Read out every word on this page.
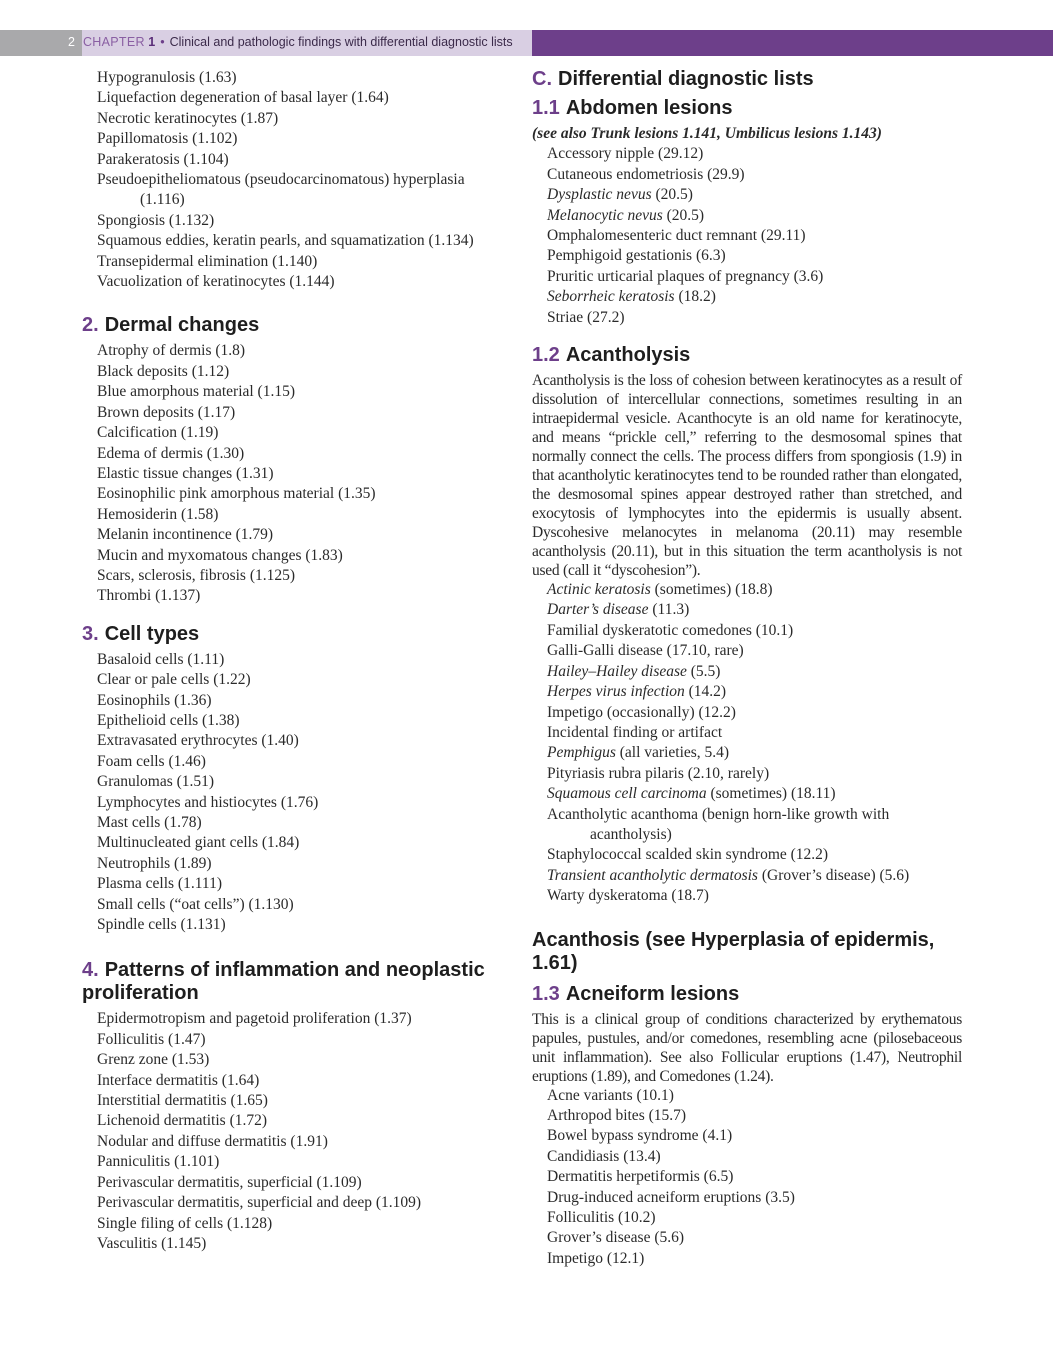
2 CHAPTER 1 • Clinical and pathologic findings with differential diagnostic lists
Hypogranulosis (1.63)
Liquefaction degeneration of basal layer (1.64)
Necrotic keratinocytes (1.87)
Papillomatosis (1.102)
Parakeratosis (1.104)
Pseudoepitheliomatous (pseudocarcinomatous) hyperplasia (1.116)
Spongiosis (1.132)
Squamous eddies, keratin pearls, and squamatization (1.134)
Transepidermal elimination (1.140)
Vacuolization of keratinocytes (1.144)
2. Dermal changes
Atrophy of dermis (1.8)
Black deposits (1.12)
Blue amorphous material (1.15)
Brown deposits (1.17)
Calcification (1.19)
Edema of dermis (1.30)
Elastic tissue changes (1.31)
Eosinophilic pink amorphous material (1.35)
Hemosiderin (1.58)
Melanin incontinence (1.79)
Mucin and myxomatous changes (1.83)
Scars, sclerosis, fibrosis (1.125)
Thrombi (1.137)
3. Cell types
Basaloid cells (1.11)
Clear or pale cells (1.22)
Eosinophils (1.36)
Epithelioid cells (1.38)
Extravasated erythrocytes (1.40)
Foam cells (1.46)
Granulomas (1.51)
Lymphocytes and histiocytes (1.76)
Mast cells (1.78)
Multinucleated giant cells (1.84)
Neutrophils (1.89)
Plasma cells (1.111)
Small cells (“oat cells”) (1.130)
Spindle cells (1.131)
4. Patterns of inflammation and neoplastic proliferation
Epidermotropism and pagetoid proliferation (1.37)
Folliculitis (1.47)
Grenz zone (1.53)
Interface dermatitis (1.64)
Interstitial dermatitis (1.65)
Lichenoid dermatitis (1.72)
Nodular and diffuse dermatitis (1.91)
Panniculitis (1.101)
Perivascular dermatitis, superficial (1.109)
Perivascular dermatitis, superficial and deep (1.109)
Single filing of cells (1.128)
Vasculitis (1.145)
C. Differential diagnostic lists
1.1 Abdomen lesions
(see also Trunk lesions 1.141, Umbilicus lesions 1.143)
Accessory nipple (29.12)
Cutaneous endometriosis (29.9)
Dysplastic nevus (20.5)
Melanocytic nevus (20.5)
Omphalomesenteric duct remnant (29.11)
Pemphigoid gestationis (6.3)
Pruritic urticarial plaques of pregnancy (3.6)
Seborrheic keratosis (18.2)
Striae (27.2)
1.2 Acantholysis

Acantholysis is the loss of cohesion between keratinocytes as a result of dissolution of intercellular connections, sometimes resulting in an intraepidermal vesicle. Acanthocyte is an old name for keratinocyte, and means “prickle cell,” referring to the desmosomal spines that normally connect the cells. The process differs from spongiosis (1.9) in that acantholytic keratinocytes tend to be rounded rather than elongated, the desmosomal spines appear destroyed rather than stretched, and exocytosis of lymphocytes into the epidermis is usually absent. Dyscohesive melanocytes in melanoma (20.11) may resemble acantholysis (20.11), but in this situation the term acantholysis is not used (call it “dyscohesion”).

Actinic keratosis (sometimes) (18.8)
Darter’s disease (11.3)
Familial dyskeratotic comedones (10.1)
Galli-Galli disease (17.10, rare)
Hailey–Hailey disease (5.5)
Herpes virus infection (14.2)
Impetigo (occasionally) (12.2)
Incidental finding or artifact
Pemphigus (all varieties, 5.4)
Pityriasis rubra pilaris (2.10, rarely)
Squamous cell carcinoma (sometimes) (18.11)
Acantholytic acanthoma (benign horn-like growth with acantholysis)
Staphylococcal scalded skin syndrome (12.2)
Transient acantholytic dermatosis (Grover’s disease) (5.6)
Warty dyskeratoma (18.7)
Acanthosis (see Hyperplasia of epidermis, 1.61)
1.3 Acneiform lesions

This is a clinical group of conditions characterized by erythematous papules, pustules, and/or comedones, resembling acne (pilosebaceous unit inflammation). See also Follicular eruptions (1.47), Neutrophil eruptions (1.89), and Comedones (1.24).

Acne variants (10.1)
Arthropod bites (15.7)
Bowel bypass syndrome (4.1)
Candidiasis (13.4)
Dermatitis herpetiformis (6.5)
Drug-induced acneiform eruptions (3.5)
Folliculitis (10.2)
Grover’s disease (5.6)
Impetigo (12.1)
